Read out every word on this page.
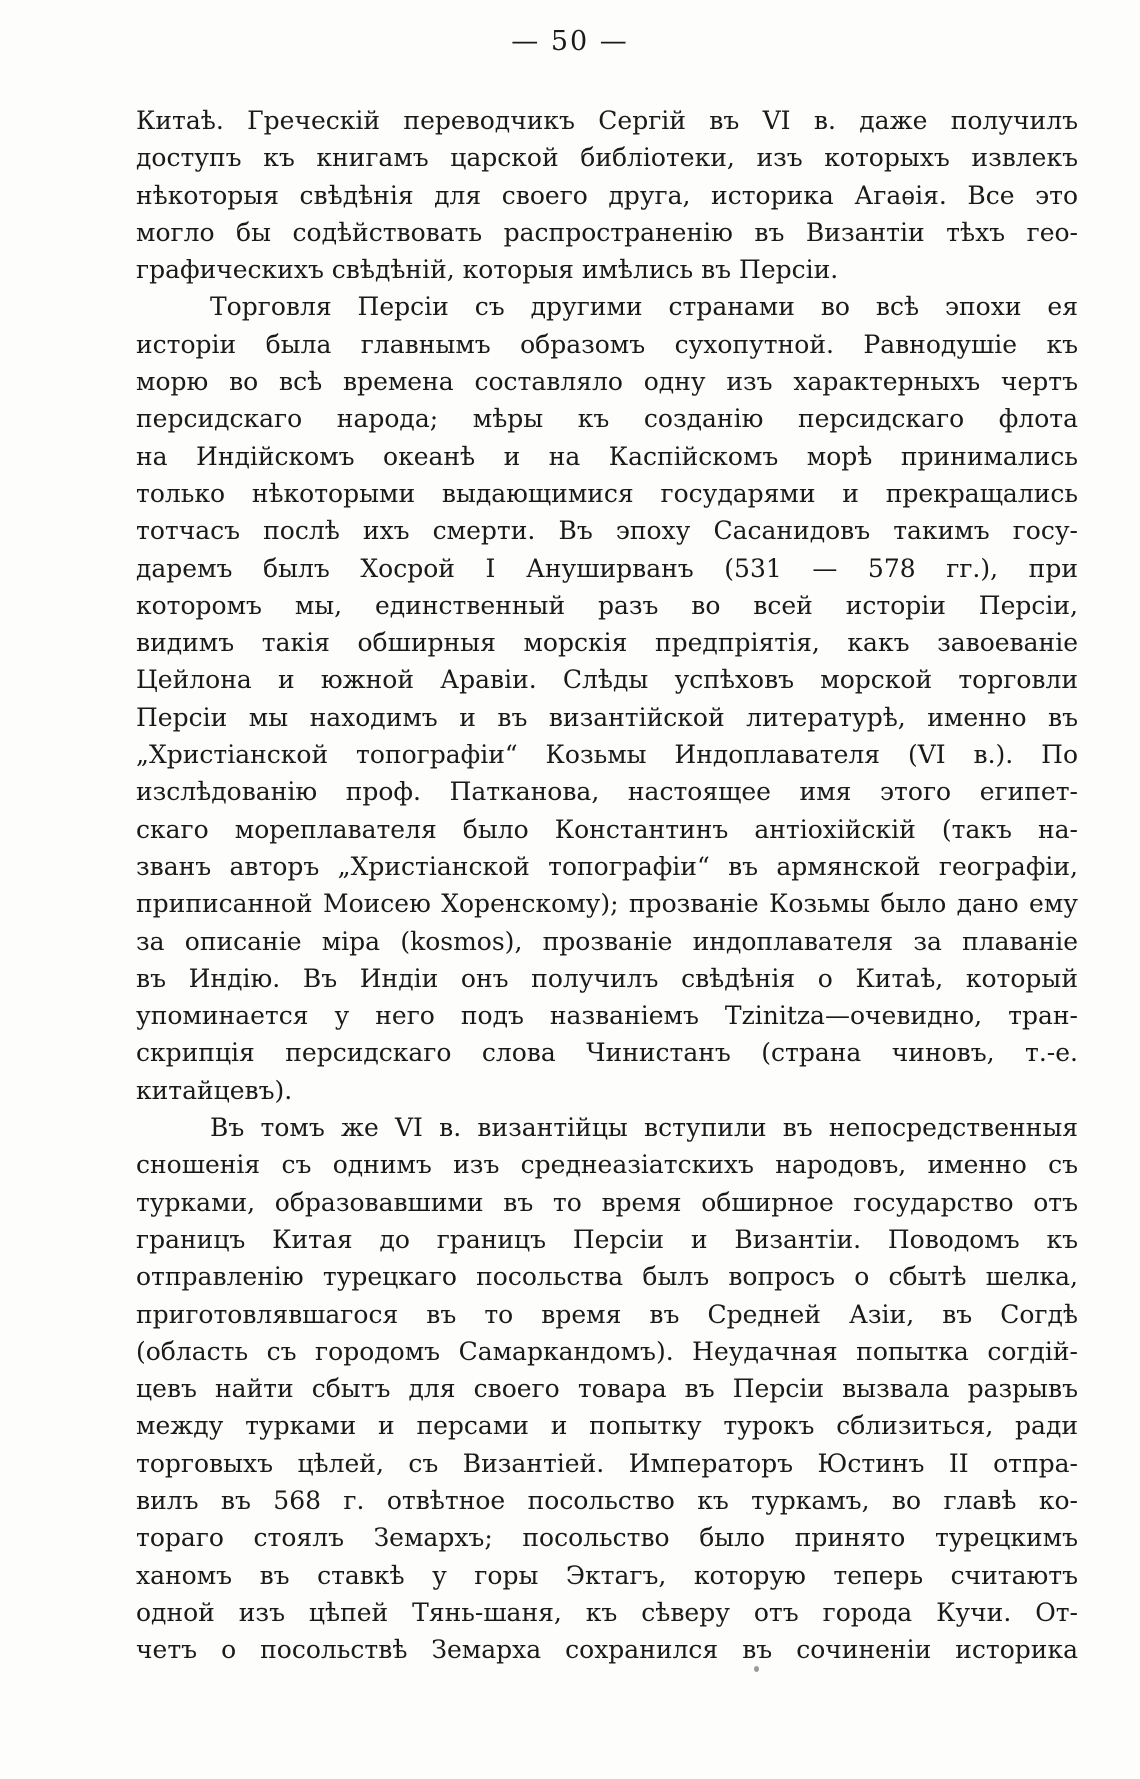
— 50 —
Китаѣ. Греческій переводчикъ Сергій въ VI в. даже получилъ
доступъ къ книгамъ царской библіотеки, изъ которыхъ извлекъ
нѣкоторыя свѣдѣнія для своего друга, историка Агаѳія. Все это
могло бы содѣйствовать распространенію въ Византіи тѣхъ гео-
графическихъ свѣдѣній, которыя имѣлись въ Персіи.
Торговля Персіи съ другими странами во всѣ эпохи ея
исторіи была главнымъ образомъ сухопутной. Равнодушіе къ
морю во всѣ времена составляло одну изъ характерныхъ чертъ
персидскаго народа; мѣры къ созданію персидскаго флота
на Индійскомъ океанѣ и на Каспійскомъ морѣ принимались
только нѣкоторыми выдающимися государями и прекращались
тотчасъ послѣ ихъ смерти. Въ эпоху Сасанидовъ такимъ госу-
даремъ былъ Хосрой I Ануширванъ (531 — 578 гг.), при
которомъ мы, единственный разъ во всей исторіи Персіи,
видимъ такія обширныя морскія предпріятія, какъ завоеваніе
Цейлона и южной Аравіи. Слѣды успѣховъ морской торговли
Персіи мы находимъ и въ византійской литературѣ, именно въ
„Христіанской топографіи“ Козьмы Индоплавателя (VI в.). По
изслѣдованію проф. Патканова, настоящее имя этого египет-
скаго мореплавателя было Константинъ антіохійскій (такъ на-
званъ авторъ „Христіанской топографіи“ въ армянской географіи,
приписанной Моисею Хоренскому); прозваніе Козьмы было дано ему
за описаніе міра (kosmos), прозваніе индоплавателя за плаваніе
въ Индію. Въ Индіи онъ получилъ свѣдѣнія о Китаѣ, который
упоминается у него подъ названіемъ Tzinitza—очевидно, тран-
скрипція персидскаго слова Чинистанъ (страна чиновъ, т.-е.
китайцевъ).
Въ томъ же VI в. византійцы вступили въ непосредственныя
сношенія съ однимъ изъ среднеазіатскихъ народовъ, именно съ
турками, образовавшими въ то время обширное государство отъ
границъ Китая до границъ Персіи и Византіи. Поводомъ къ
отправленію турецкаго посольства былъ вопросъ о сбытѣ шелка,
приготовлявшагося въ то время въ Средней Азіи, въ Согдѣ
(область съ городомъ Самаркандомъ). Неудачная попытка согдій-
цевъ найти сбытъ для своего товара въ Персіи вызвала разрывъ
между турками и персами и попытку турокъ сблизиться, ради
торговыхъ цѣлей, съ Византіей. Императоръ Юстинъ II отпра-
вилъ въ 568 г. отвѣтное посольство къ туркамъ, во главѣ ко-
тораго стоялъ Земархъ; посольство было принято турецкимъ
ханомъ въ ставкѣ у горы Эктагъ, которую теперь считаютъ
одной изъ цѣпей Тянь-шаня, къ сѣверу отъ города Кучи. От-
четъ о посольствѣ Земарха сохранился въ сочиненіи историка
